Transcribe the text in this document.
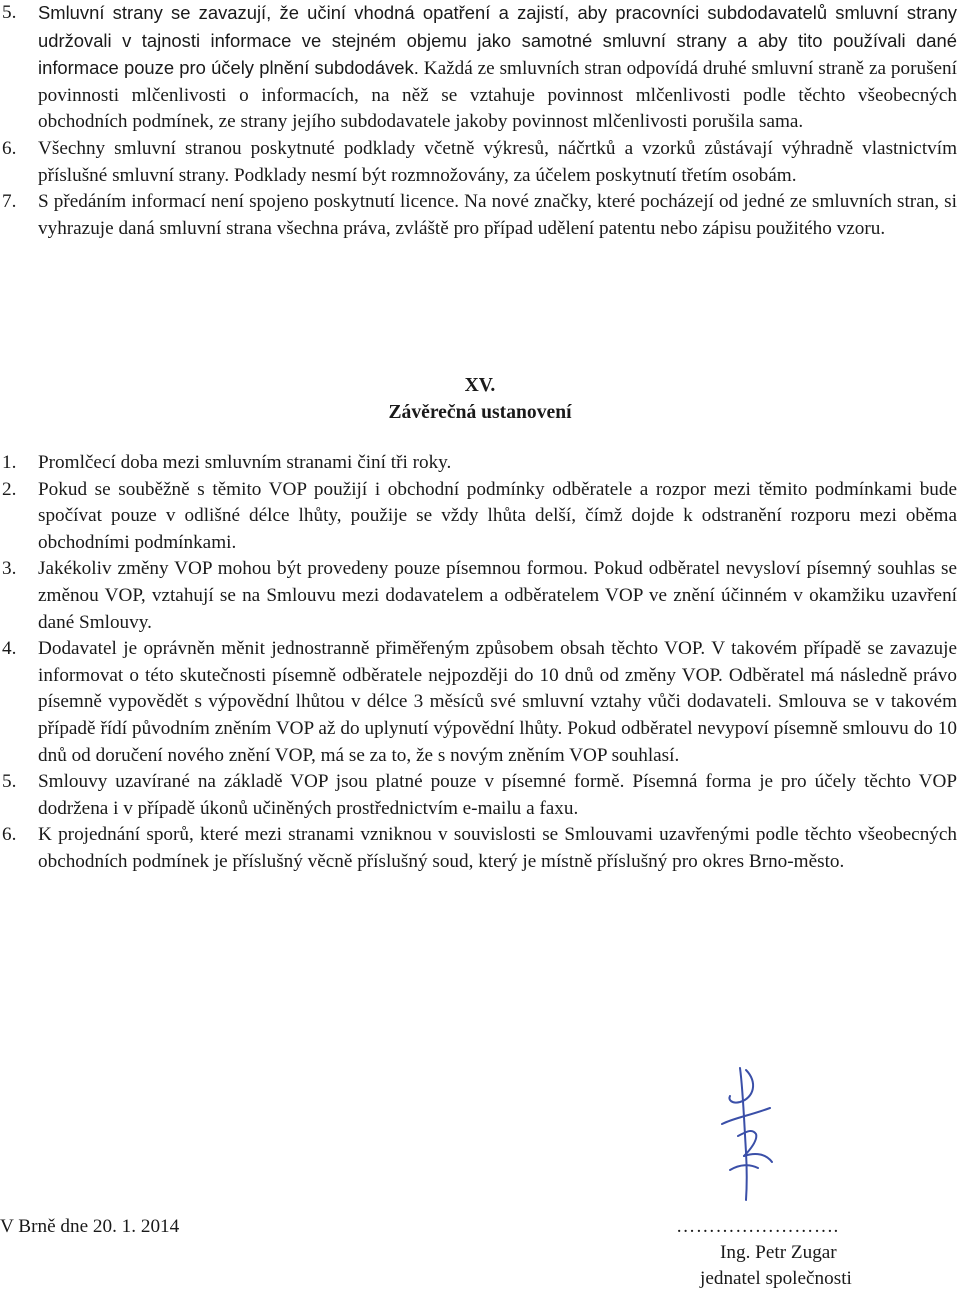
5. Smluvní strany se zavazují, že učiní vhodná opatření a zajistí, aby pracovníci subdodavatelů smluvní strany udržovali v tajnosti informace ve stejném objemu jako samotné smluvní strany a aby tito používali dané informace pouze pro účely plnění subdodávek. Každá ze smluvních stran odpovídá druhé smluvní straně za porušení povinnosti mlčenlivosti o informacích, na něž se vztahuje povinnost mlčenlivosti podle těchto všeobecných obchodních podmínek, ze strany jejího subdodavatele jakoby povinnost mlčenlivosti porušila sama.
6. Všechny smluvní stranou poskytnuté podklady včetně výkresů, náčrtků a vzorků zůstávají výhradně vlastnictvím příslušné smluvní strany. Podklady nesmí být rozmnožovány, za účelem poskytnutí třetím osobám.
7. S předáním informací není spojeno poskytnutí licence. Na nové značky, které pocházejí od jedné ze smluvních stran, si vyhrazuje daná smluvní strana všechna práva, zvláště pro případ udělení patentu nebo zápisu použitého vzoru.
XV.
Závěrečná ustanovení
1. Promlčecí doba mezi smluvním stranami činí tři roky.
2. Pokud se souběžně s těmito VOP použijí i obchodní podmínky odběratele a rozpor mezi těmito podmínkami bude spočívat pouze v odlišné délce lhůty, použije se vždy lhůta delší, čímž dojde k odstranění rozporu mezi oběma obchodními podmínkami.
3. Jakékoliv změny VOP mohou být provedeny pouze písemnou formou. Pokud odběratel nevysloví písemný souhlas se změnou VOP, vztahují se na Smlouvu mezi dodavatelem a odběratelem VOP ve znění účinném v okamžiku uzavření dané Smlouvy.
4. Dodavatel je oprávněn měnit jednostranně přiměřeným způsobem obsah těchto VOP. V takovém případě se zavazuje informovat o této skutečnosti písemně odběratele nejpozději do 10 dnů od změny VOP. Odběratel má následně právo písemně vypovědět s výpovědní lhůtou v délce 3 měsíců své smluvní vztahy vůči dodavateli. Smlouva se v takovém případě řídí původním zněním VOP až do uplynutí výpovědní lhůty. Pokud odběratel nevypoví písemně smlouvu do 10 dnů od doručení nového znění VOP, má se za to, že s novým zněním VOP souhlasí.
5. Smlouvy uzavírané na základě VOP jsou platné pouze v písemné formě. Písemná forma je pro účely těchto VOP dodržena i v případě úkonů učiněných prostřednictvím e-mailu a faxu.
6. K projednání sporů, které mezi stranami vzniknou v souvislosti se Smlouvami uzavřenými podle těchto všeobecných obchodních podmínek je příslušný věcně příslušný soud, který je místně příslušný pro okres Brno-město.
V Brně dne 20. 1. 2014	…………………….
Ing. Petr Zugar
jednatel společnosti
